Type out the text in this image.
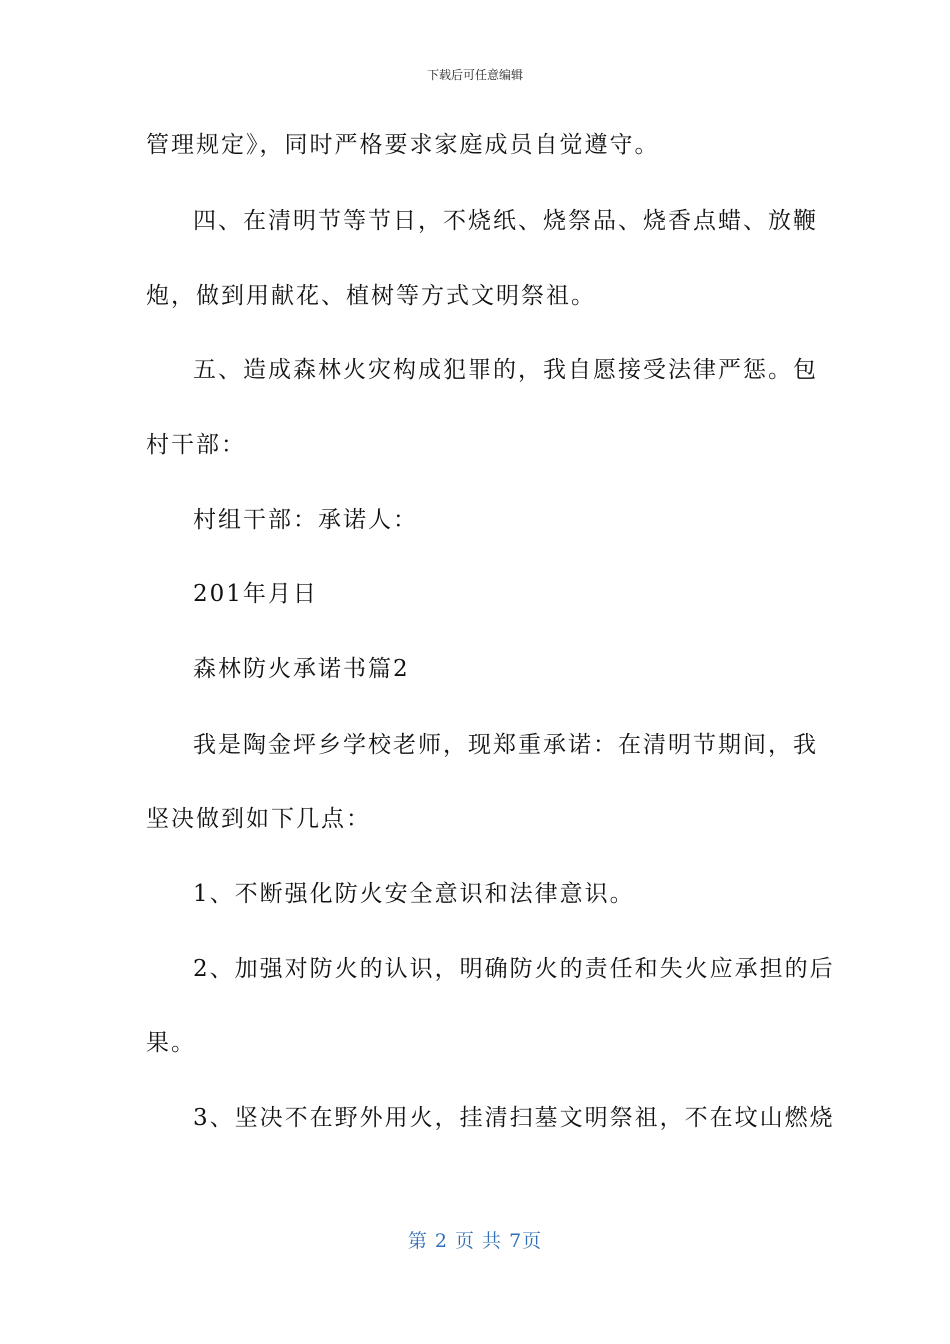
下载后可任意编辑
管理规定》，同时严格要求家庭成员自觉遵守。
四、在清明节等节日，不烧纸、烧祭品、烧香点蜡、放鞭
炮，做到用献花、植树等方式文明祭祖。
五、造成森林火灾构成犯罪的，我自愿接受法律严惩。包
村干部：
村组干部：承诺人：
201年月日
森林防火承诺书篇2
我是陶金坪乡学校老师，现郑重承诺：在清明节期间，我
坚决做到如下几点：
1、不断强化防火安全意识和法律意识。
2、加强对防火的认识，明确防火的责任和失火应承担的后
果。
3、坚决不在野外用火，挂清扫墓文明祭祖，不在坟山燃烧
第 2 页 共 7页
